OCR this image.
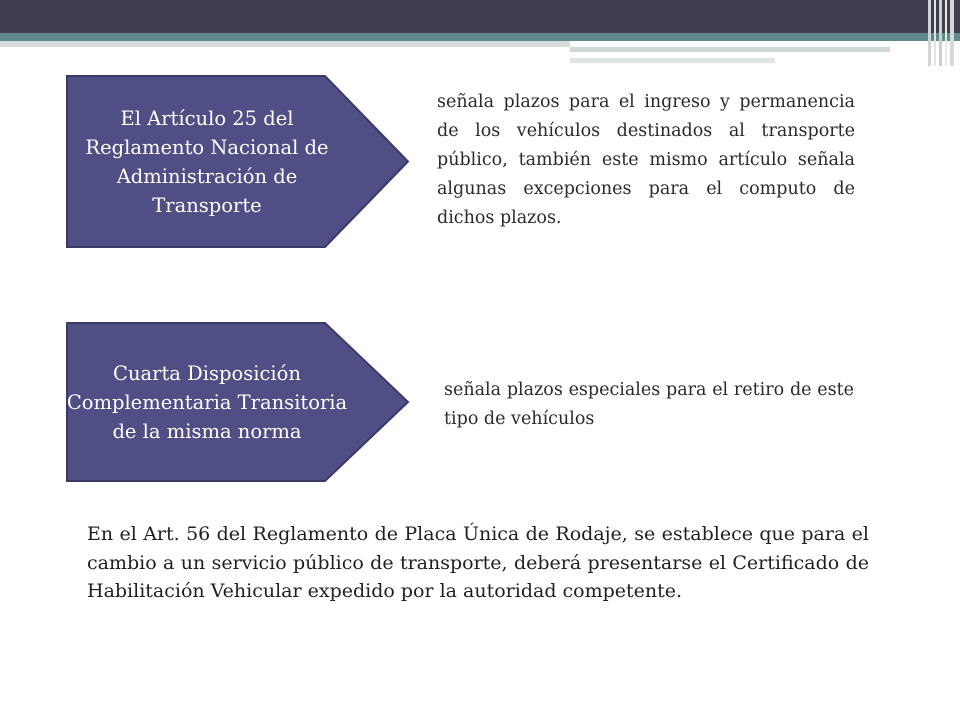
El Artículo 25 del Reglamento Nacional de Administración de Transporte
señala plazos para el ingreso y permanencia de los vehículos destinados al transporte público, también este mismo artículo señala algunas excepciones para el computo de dichos plazos.
Cuarta Disposición Complementaria Transitoria de la misma norma
señala plazos especiales para el retiro de este tipo de vehículos
En el Art. 56 del Reglamento de Placa Única de Rodaje, se establece que para el cambio a un servicio público de transporte, deberá presentarse el Certificado de Habilitación Vehicular expedido por la autoridad competente.
